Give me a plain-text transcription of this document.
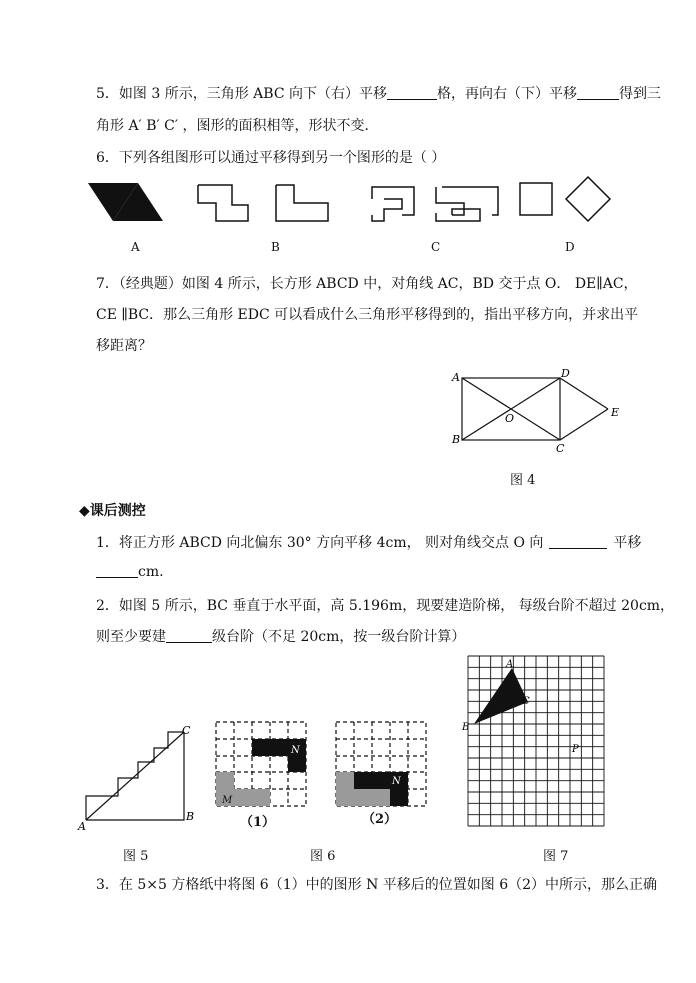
5．如图 3 所示，三角形 ABC 向下（右）平移	格，再向右（下）平移	得到三
角形 A′ B′ C′ ，图形的面积相等，形状不变．
6．下列各组图形可以通过平移得到另一个图形的是（ ）
A	B	C	D
7．（经典题）如图 4 所示，长方形 ABCD 中，对角线 AC，BD 交于点 O． DE∥AC，
CE ∥BC．那么三角形 EDC 可以看成什么三角形平移得到的，指出平移方向，并求出平
移距离？
A
B
C
D
E
O
图 4
◆课后测控
1．将正方形 ABCD 向北偏东 30° 方向平移 4cm， 则对角线交点 O 向	平移
cm.
2．如图 5 所示，BC 垂直于水平面，高 5.196m，现要建造阶梯， 每级台阶不超过 20cm，
则至少要建	级台阶（不足 20cm，按一级台阶计算）
A
B
C
图 5
N
M
（1）
N
（2）
图 6
A
B
C
P
图 7
3．在 5×5 方格纸中将图 6（1）中的图形 N 平移后的位置如图 6（2）中所示，那么正确
